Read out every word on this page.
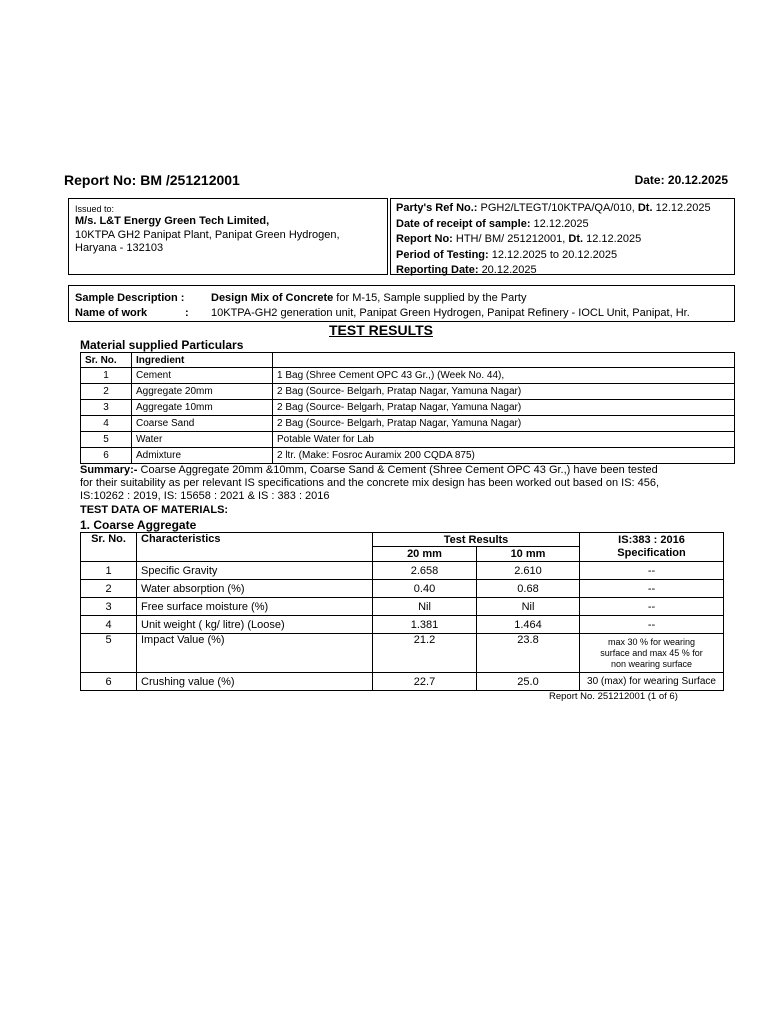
Report No: BM /251212001	Date: 20.12.2025
Issued to:
M/s. L&T Energy Green Tech Limited,
10KTPA GH2 Panipat Plant, Panipat Green Hydrogen,
Haryana - 132103
Party's Ref No.: PGH2/LTEGT/10KTPA/QA/010, Dt. 12.12.2025
Date of receipt of sample: 12.12.2025
Report No: HTH/ BM/ 251212001, Dt. 12.12.2025
Period of Testing: 12.12.2025 to 20.12.2025
Reporting Date: 20.12.2025
Sample Description : Design Mix of Concrete for M-15, Sample supplied by the Party
Name of work	: 10KTPA-GH2 generation unit, Panipat Green Hydrogen, Panipat Refinery - IOCL Unit, Panipat, Hr.
TEST RESULTS
Material supplied Particulars
Sr. No.	Ingredient	
1	Cement	1 Bag (Shree Cement OPC 43 Gr.,) (Week No. 44),
2	Aggregate 20mm	2 Bag (Source- Belgarh, Pratap Nagar, Yamuna Nagar)
3	Aggregate 10mm	2 Bag (Source- Belgarh, Pratap Nagar, Yamuna Nagar)
4	Coarse Sand	2 Bag (Source- Belgarh, Pratap Nagar, Yamuna Nagar)
5	Water	Potable Water for Lab
6	Admixture	2 ltr. (Make: Fosroc Auramix 200 CQDA 875)
Summary:- Coarse Aggregate 20mm &10mm, Coarse Sand & Cement (Shree Cement OPC 43 Gr.,) have been tested
for their suitability as per relevant IS specifications and the concrete mix design has been worked out based on IS: 456,
IS:10262 : 2019, IS: 15658 : 2021 & IS : 383 : 2016
TEST DATA OF MATERIALS:
1. Coarse Aggregate
Sr. No.	Characteristics	Test Results		IS:383 : 2016
Specification

		20 mm	10 mm	
1	Specific Gravity	2.658	2.610	--
2	Water absorption (%)	0.40	0.68	--
3	Free surface moisture (%)	Nil	Nil	--
4	Unit weight ( kg/ litre) (Loose)	1.381	1.464	--
5	Impact Value (%)	21.2	23.8	max 30 % for wearing
surface and max 45 % for
non wearing surface

6	Crushing value (%)	22.7	25.0	30 (max) for wearing Surface
Report No. 251212001 (1 of 6)
